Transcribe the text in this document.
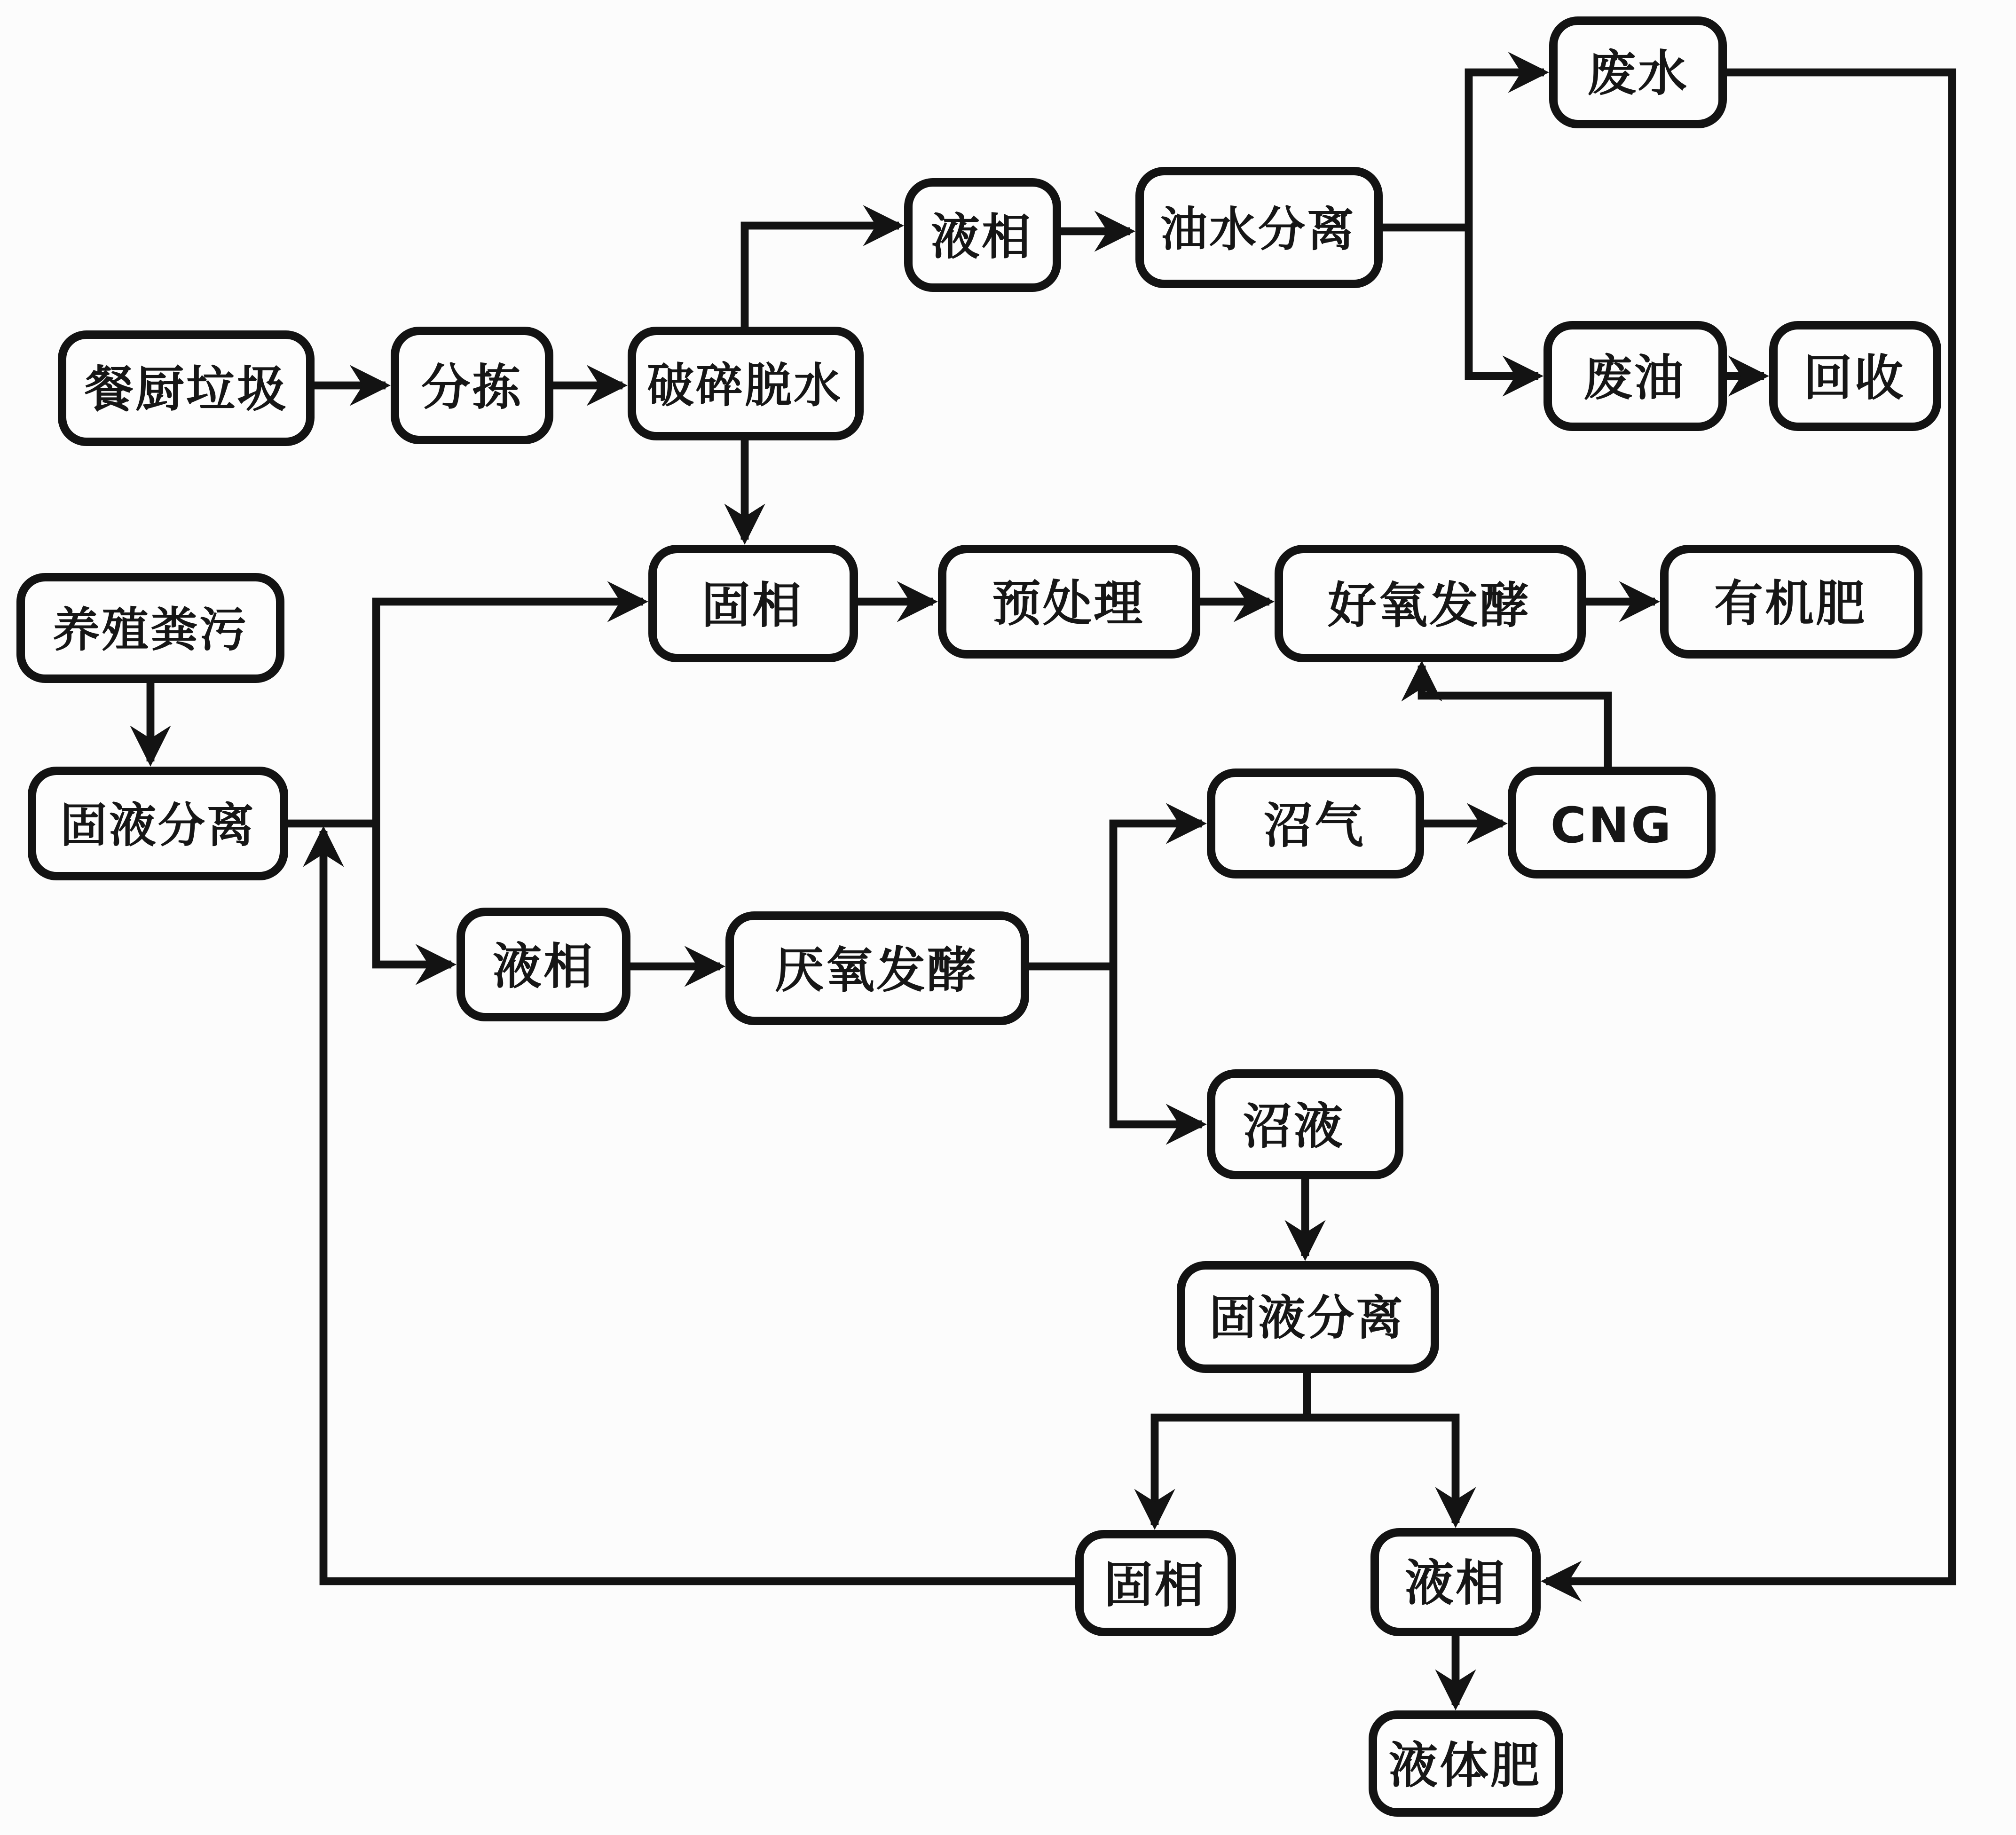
餐厨垃圾	分拣	破碎脱水
液相	油水分离
废水
废油	回收
固相	预处理	好氧发酵	有机肥
养殖粪污
固液分离	沼气	CNG
液相	厌氧发酵
沼液
固液分离
固相	液相
液体肥
